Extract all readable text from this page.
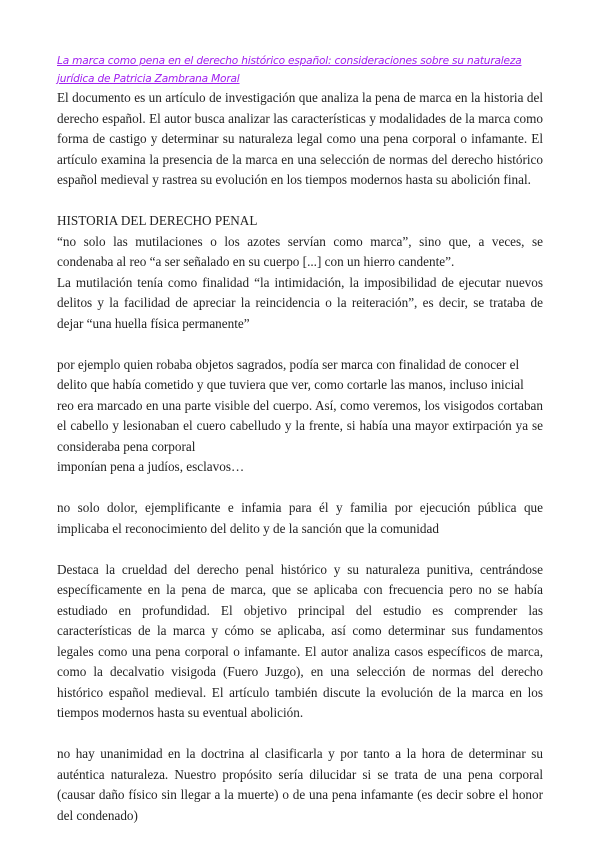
La marca como pena en el derecho histórico español: consideraciones sobre su naturaleza jurídica de Patricia Zambrana Moral

El documento es un artículo de investigación que analiza la pena de marca en la historia del derecho español. El autor busca analizar las características y modalidades de la marca como forma de castigo y determinar su naturaleza legal como una pena corporal o infamante. El artículo examina la presencia de la marca en una selección de normas del derecho histórico español medieval y rastrea su evolución en los tiempos modernos hasta su abolición final.

HISTORIA DEL DERECHO PENAL

“no solo las mutilaciones o los azotes servían como marca”, sino que, a veces, se condenaba al reo “a ser señalado en su cuerpo [...] con un hierro candente”.

La mutilación tenía como finalidad “la intimidación, la imposibilidad de ejecutar nuevos delitos y la facilidad de apreciar la reincidencia o la reiteración”, es decir, se trataba de dejar “una huella física permanente”

por ejemplo quien robaba objetos sagrados, podía ser marca con finalidad de conocer el

delito que había cometido y que tuviera que ver, como cortarle las manos, incluso inicial

reo era marcado en una parte visible del cuerpo. Así, como veremos, los visigodos cortaban el cabello y lesionaban el cuero cabelludo y la frente, si había una mayor extirpación ya se consideraba pena corporal

imponían pena a judíos, esclavos…

no solo dolor, ejemplificante e infamia para él y familia por ejecución pública que implicaba el reconocimiento del delito y de la sanción que la comunidad

Destaca la crueldad del derecho penal histórico y su naturaleza punitiva, centrándose específicamente en la pena de marca, que se aplicaba con frecuencia pero no se había estudiado en profundidad. El objetivo principal del estudio es comprender las características de la marca y cómo se aplicaba, así como determinar sus fundamentos legales como una pena corporal o infamante. El autor analiza casos específicos de marca, como la decalvatio visigoda (Fuero Juzgo), en una selección de normas del derecho histórico español medieval. El artículo también discute la evolución de la marca en los tiempos modernos hasta su eventual abolición.

no hay unanimidad en la doctrina al clasificarla y por tanto a la hora de determinar su auténtica naturaleza. Nuestro propósito sería dilucidar si se trata de una pena corporal (causar daño físico sin llegar a la muerte) o de una pena infamante (es decir sobre el honor del condenado)
